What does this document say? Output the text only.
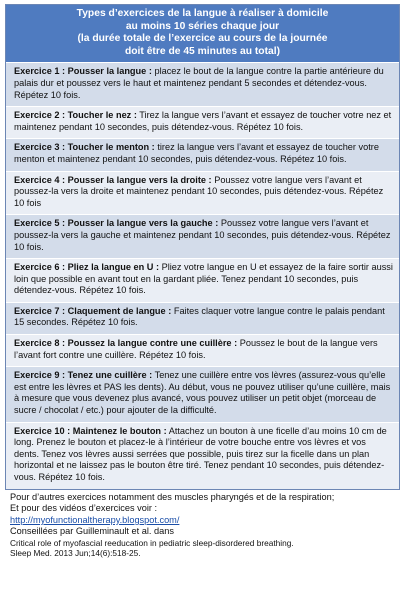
Types d’exercices de la langue à réaliser à domicile
au moins 10 séries chaque jour
(la durée totale de l’exercice au cours de la journée
doit être de 45 minutes au total)
Exercice 1 : Pousser la langue : placez le bout de la langue contre la partie antérieure du palais dur et poussez vers le haut et maintenez pendant 5 secondes et détendez-vous. Répétez 10 fois.
Exercice 2 : Toucher le nez : Tirez la langue vers l’avant et essayez de toucher votre nez et maintenez pendant 10 secondes, puis détendez-vous. Répétez 10 fois.
Exercice 3 : Toucher le menton : tirez la langue vers l’avant et essayez de toucher votre menton et maintenez pendant 10 secondes, puis détendez-vous. Répétez 10 fois.
Exercice 4 : Pousser la langue vers la droite : Poussez votre langue vers l’avant et poussez-la vers la droite et maintenez pendant 10 secondes, puis détendez-vous. Répétez 10 fois
Exercice 5 : Pousser la langue vers la gauche : Poussez votre langue vers l’avant et poussez-la vers la gauche et maintenez pendant 10 secondes, puis détendez-vous. Répétez 10 fois.
Exercice 6 : Pliez la langue en U : Pliez votre langue en U et essayez de la faire sortir aussi loin que possible en avant tout en la gardant pliée. Tenez pendant 10 secondes, puis détendez-vous. Répétez 10 fois.
Exercice 7 : Claquement de langue : Faites claquer votre langue contre le palais pendant 15 secondes. Répétez 10 fois.
Exercice 8 : Poussez la langue contre une cuillère : Poussez le bout de la langue vers l’avant fort contre une cuillère. Répétez 10 fois.
Exercice 9 : Tenez une cuillère : Tenez une cuillère entre vos lèvres (assurez-vous qu’elle est entre les lèvres et PAS les dents). Au début, vous ne pouvez utiliser qu’une cuillère, mais à mesure que vous devenez plus avancé, vous pouvez utiliser un petit objet (morceau de sucre / chocolat / etc.) pour ajouter de la difficulté.
Exercice 10 : Maintenez le bouton : Attachez un bouton à une ficelle d’au moins 10 cm de long. Prenez le bouton et placez-le à l’intérieur de votre bouche entre vos lèvres et vos dents. Tenez vos lèvres aussi serrées que possible, puis tirez sur la ficelle dans un plan horizontal et ne laissez pas le bouton être tiré. Tenez pendant 10 secondes, puis détendez-vous. Répétez 10 fois.
Pour d’autres exercices notamment des muscles pharyngés et de la respiration;
Et pour des vidéos d’exercices voir :
http://myofunctionaltherapy.blogspot.com/
Conseillées par Guilleminault et al. dans
Critical role of myofascial reeducation in pediatric sleep-disordered breathing.
Sleep Med. 2013 Jun;14(6):518-25.
